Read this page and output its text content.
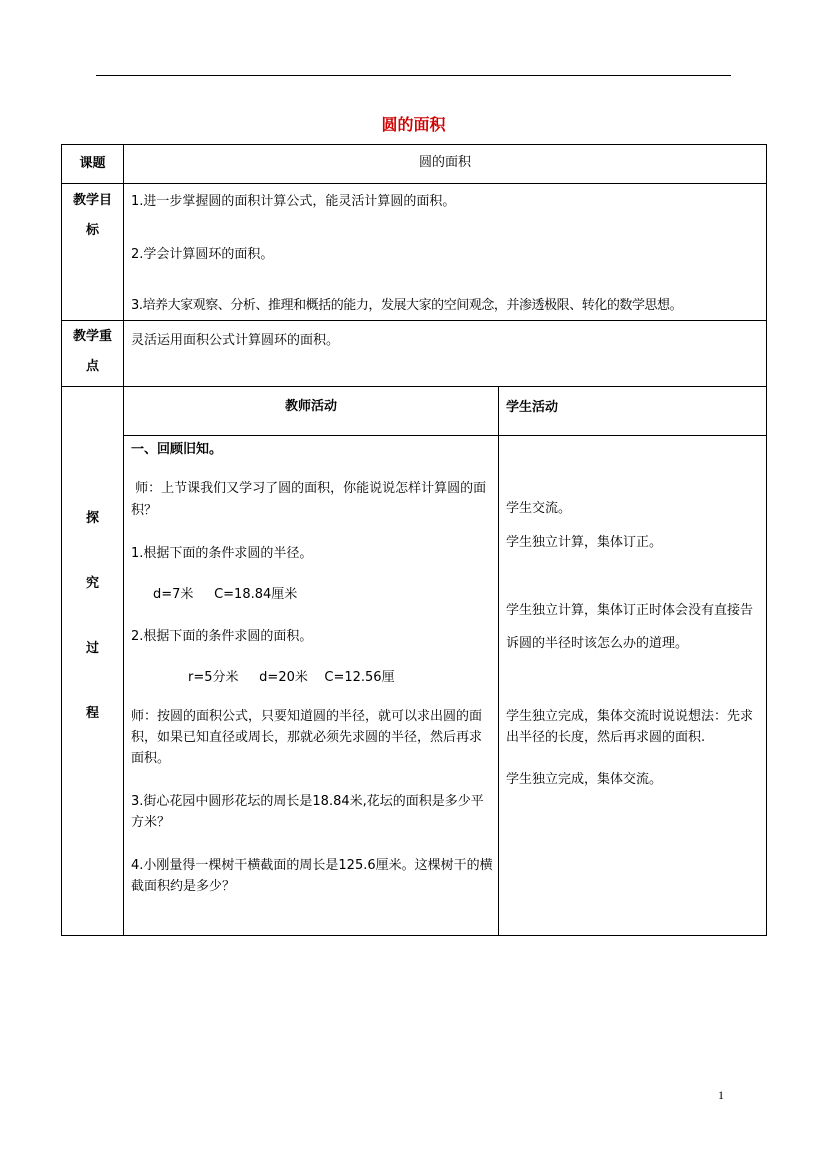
圆的面积
课题	圆的面积
教学目
标
1.进一步掌握圆的面积计算公式，能灵活计算圆的面积。
2.学会计算圆环的面积。
3.培养大家观察、分析、推理和概括的能力，发展大家的空间观念，并渗透极限、转化的数学思想。
教学重
点
灵活运用面积公式计算圆环的面积。
探
究
过
程
教师活动	学生活动
一、回顾旧知。
师：上节课我们又学习了圆的面积，你能说说怎样计算圆的面积？
1.根据下面的条件求圆的半径。
d=7米     C=18.84厘米
2.根据下面的条件求圆的面积。
r=5分米     d=20米    C=12.56厘
师：按圆的面积公式，只要知道圆的半径，就可以求出圆的面积，如果已知直径或周长，那就必须先求圆的半径，然后再求面积。
3.街心花园中圆形花坛的周长是18.84米,花坛的面积是多少平方米？
4.小刚量得一棵树干横截面的周长是125.6厘米。这棵树干的横截面积约是多少？
学生交流。
学生独立计算，集体订正。
学生独立计算，集体订正时体会没有直接告诉圆的半径时该怎么办的道理。
学生独立完成，集体交流时说说想法：先求出半径的长度，然后再求圆的面积.
学生独立完成，集体交流。
1
